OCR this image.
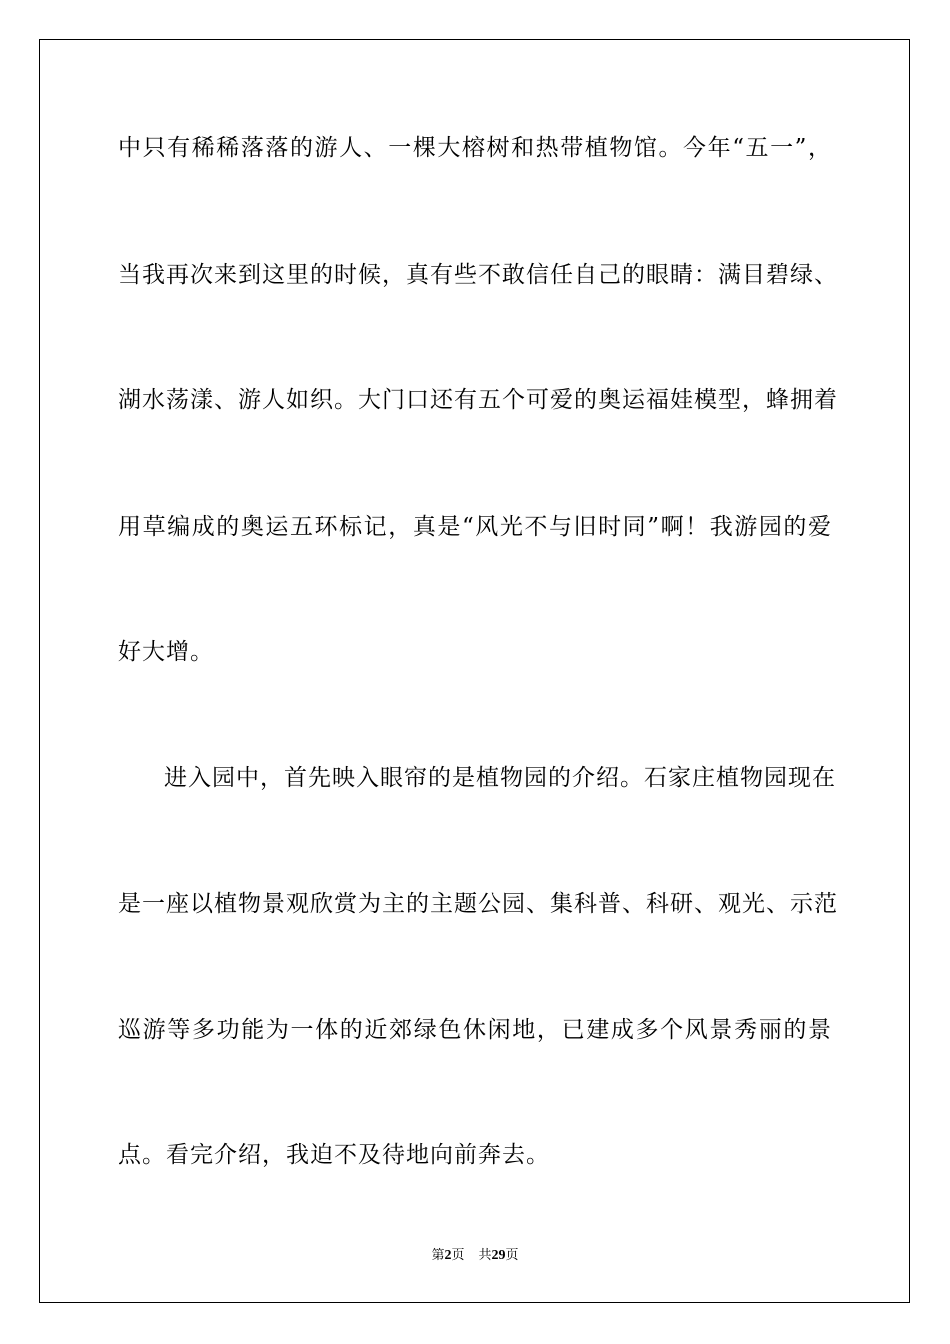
中只有稀稀落落的游人、一棵大榕树和热带植物馆。今年“五一”，
当我再次来到这里的时候，真有些不敢信任自己的眼睛：满目碧绿、
湖水荡漾、游人如织。大门口还有五个可爱的奥运福娃模型，蜂拥着
用草编成的奥运五环标记，真是“风光不与旧时同”啊！我游园的爱
好大增。
进入园中，首先映入眼帘的是植物园的介绍。石家庄植物园现在
是一座以植物景观欣赏为主的主题公园、集科普、科研、观光、示范
巡游等多功能为一体的近郊绿色休闲地，已建成多个风景秀丽的景
点。看完介绍，我迫不及待地向前奔去。
第2页 共29页
